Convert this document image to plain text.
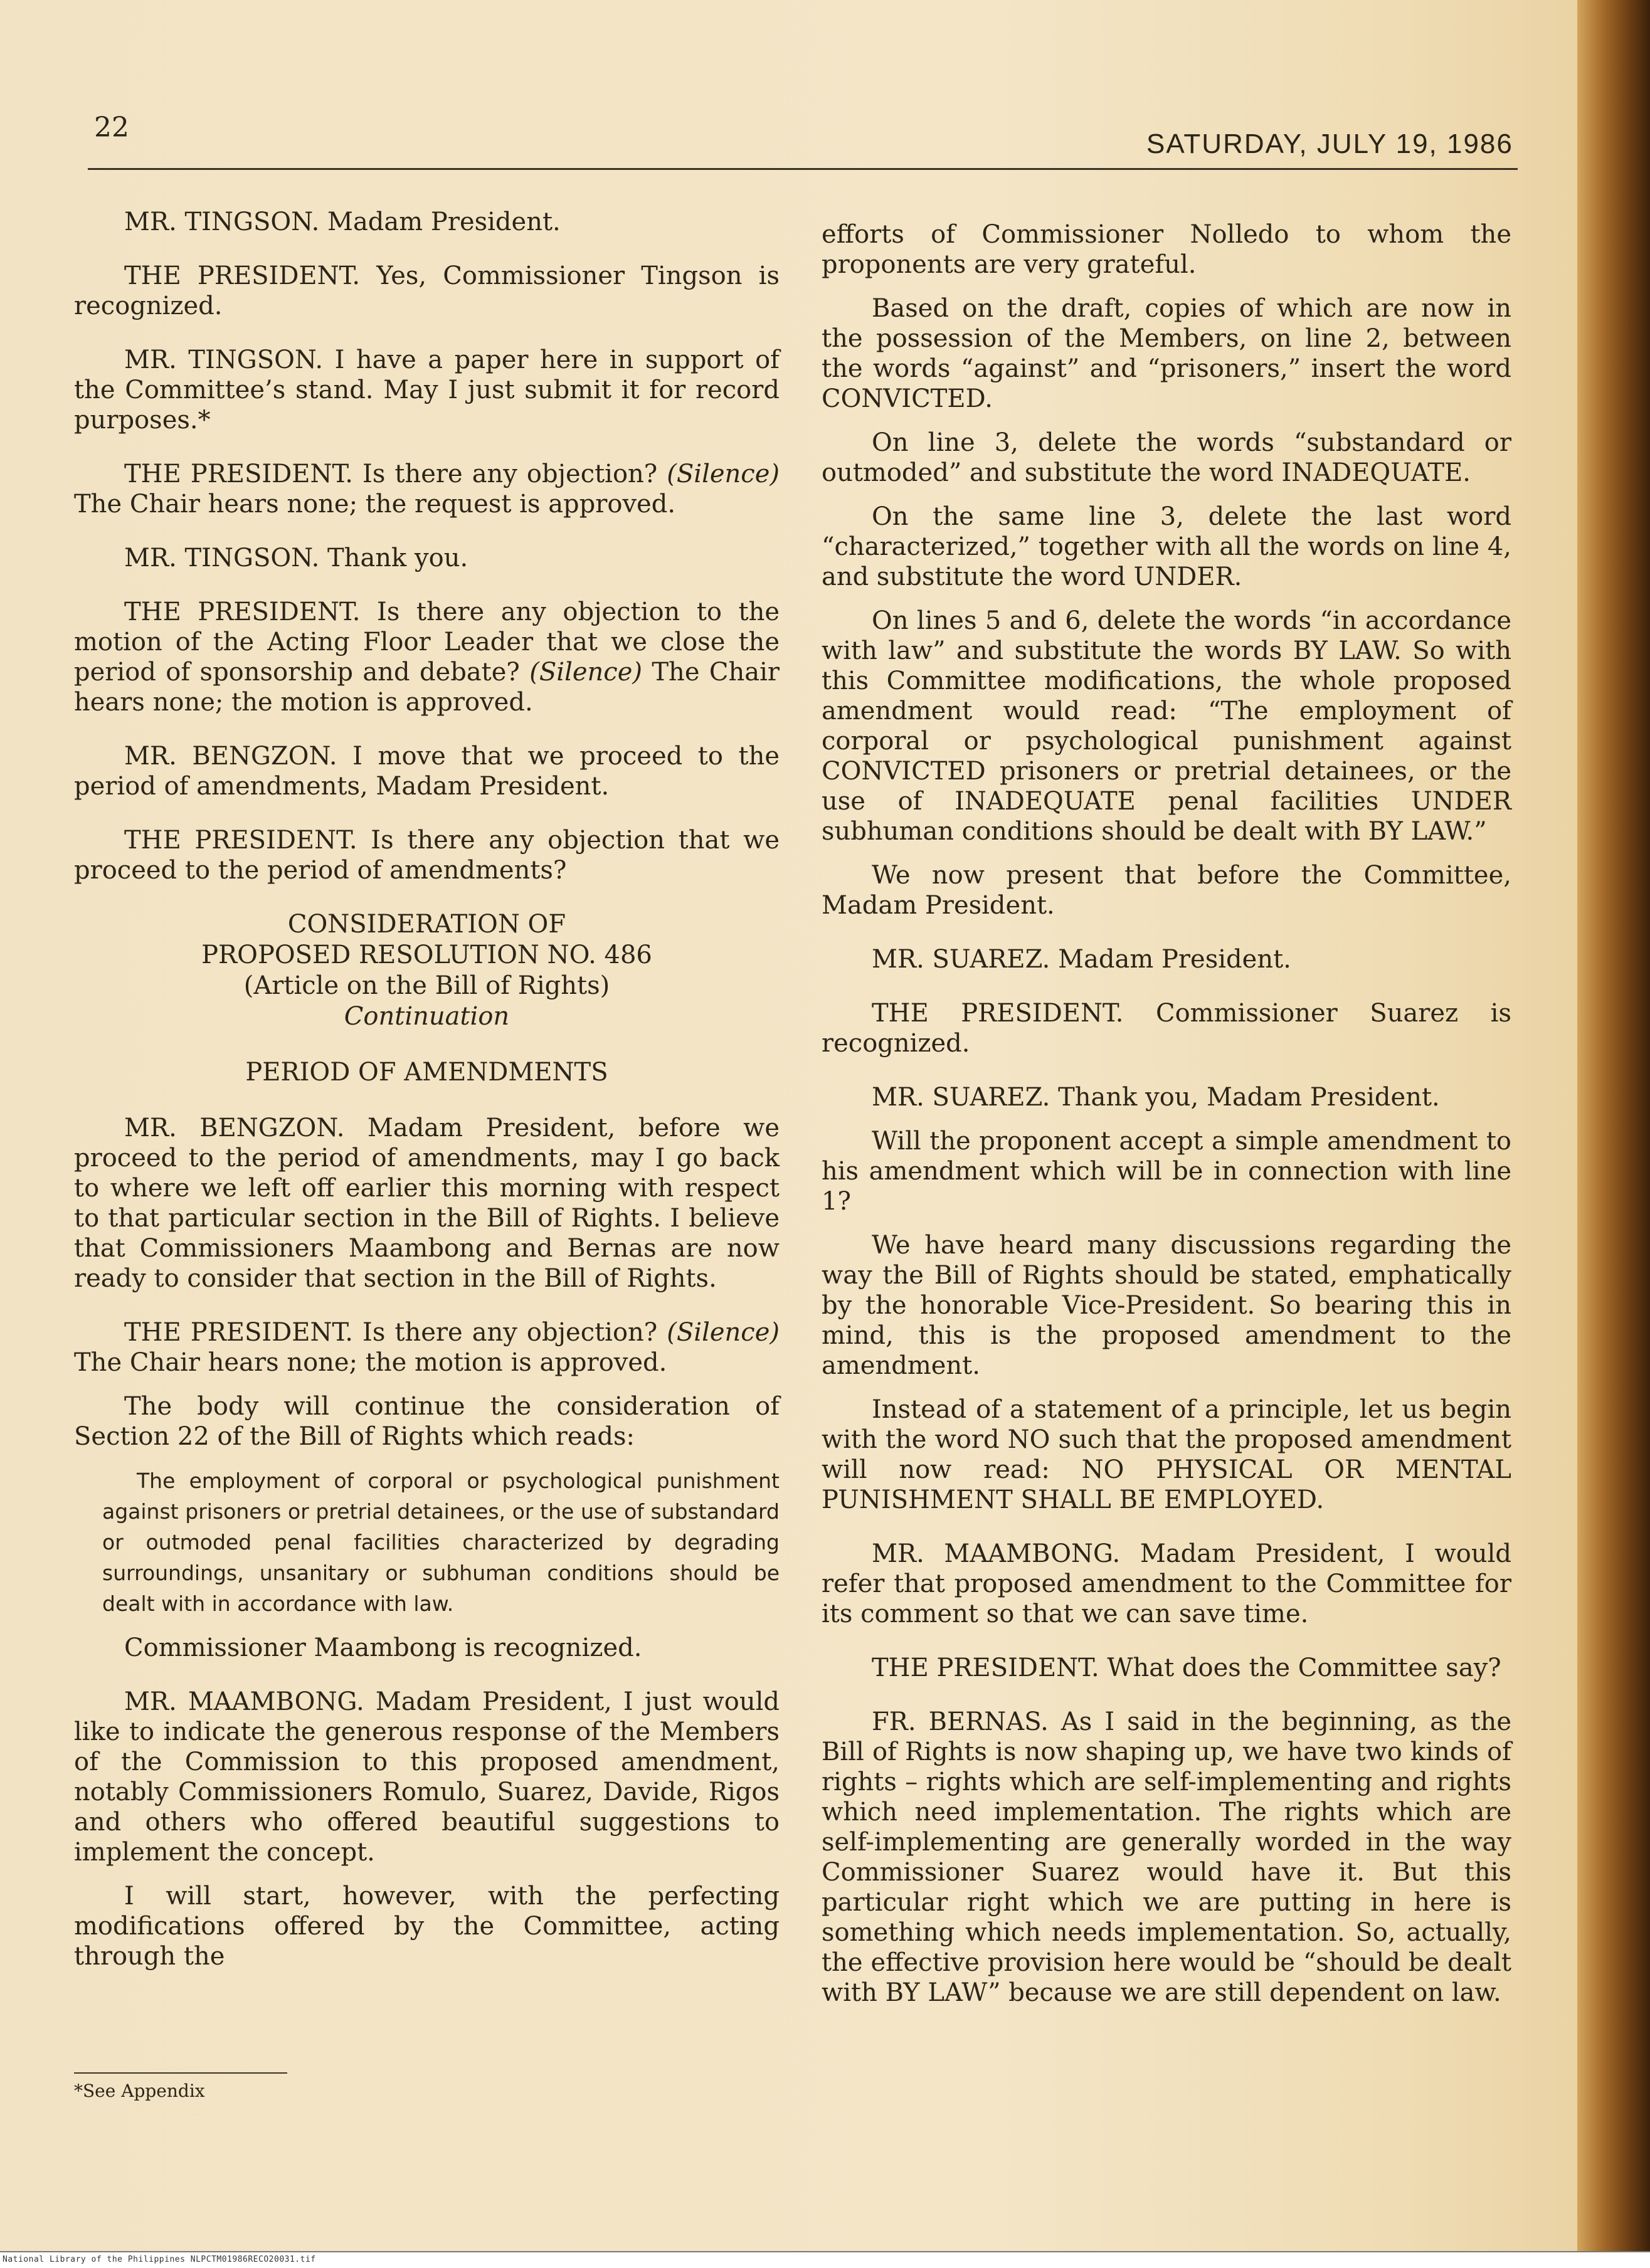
22
SATURDAY, JULY 19, 1986

MR. TINGSON. Madam President.

THE PRESIDENT. Yes, Commissioner Tingson is recognized.

MR. TINGSON. I have a paper here in support of the Committee’s stand. May I just submit it for record purposes.*

THE PRESIDENT. Is there any objection? (Silence) The Chair hears none; the request is approved.

MR. TINGSON. Thank you.

THE PRESIDENT. Is there any objection to the motion of the Acting Floor Leader that we close the period of sponsorship and debate? (Silence) The Chair hears none; the motion is approved.

MR. BENGZON. I move that we proceed to the period of amendments, Madam President.

THE PRESIDENT. Is there any objection that we proceed to the period of amendments?

CONSIDERATION OF

PROPOSED RESOLUTION NO. 486

(Article on the Bill of Rights)

Continuation

PERIOD OF AMENDMENTS

MR. BENGZON. Madam President, before we proceed to the period of amendments, may I go back to where we left off earlier this morning with respect to that particular section in the Bill of Rights. I believe that Commissioners Maambong and Bernas are now ready to consider that section in the Bill of Rights.

THE PRESIDENT. Is there any objection? (Silence) The Chair hears none; the motion is approved.

The body will continue the consideration of Section 22 of the Bill of Rights which reads:

The employment of corporal or psychological punishment against prisoners or pretrial detainees, or the use of substandard or outmoded penal facilities characterized by degrading surroundings, unsanitary or subhuman conditions should be dealt with in accordance with law.

Commissioner Maambong is recognized.

MR. MAAMBONG. Madam President, I just would like to indicate the generous response of the Members of the Commission to this proposed amendment, notably Commissioners Romulo, Suarez, Davide, Rigos and others who offered beautiful suggestions to implement the concept.

I will start, however, with the perfecting modifications offered by the Committee, acting through the

*See Appendix

efforts of Commissioner Nolledo to whom the proponents are very grateful.

Based on the draft, copies of which are now in the possession of the Members, on line 2, between the words “against” and “prisoners,” insert the word CONVICTED.

On line 3, delete the words “substandard or outmoded” and substitute the word INADEQUATE.

On the same line 3, delete the last word “characterized,” together with all the words on line 4, and substitute the word UNDER.

On lines 5 and 6, delete the words “in accordance with law” and substitute the words BY LAW. So with this Committee modifications, the whole proposed amendment would read: “The employment of corporal or psychological punishment against CONVICTED prisoners or pretrial detainees, or the use of INADEQUATE penal facilities UNDER subhuman conditions should be dealt with BY LAW.”

We now present that before the Committee, Madam President.

MR. SUAREZ. Madam President.

THE PRESIDENT. Commissioner Suarez is recognized.

MR. SUAREZ. Thank you, Madam President.

Will the proponent accept a simple amendment to his amendment which will be in connection with line 1?

We have heard many discussions regarding the way the Bill of Rights should be stated, emphatically by the honorable Vice-President. So bearing this in mind, this is the proposed amendment to the amendment.

Instead of a statement of a principle, let us begin with the word NO such that the proposed amendment will now read: NO PHYSICAL OR MENTAL PUNISHMENT SHALL BE EMPLOYED.

MR. MAAMBONG. Madam President, I would refer that proposed amendment to the Committee for its comment so that we can save time.

THE PRESIDENT. What does the Committee say?

FR. BERNAS. As I said in the beginning, as the Bill of Rights is now shaping up, we have two kinds of rights – rights which are self-implementing and rights which need implementation. The rights which are self-implementing are generally worded in the way Commissioner Suarez would have it. But this particular right which we are putting in here is something which needs implementation. So, actually, the effective provision here would be “should be dealt with BY LAW” because we are still dependent on law.

National Library of the Philippines NLPCTM01986RECO20031.tif
